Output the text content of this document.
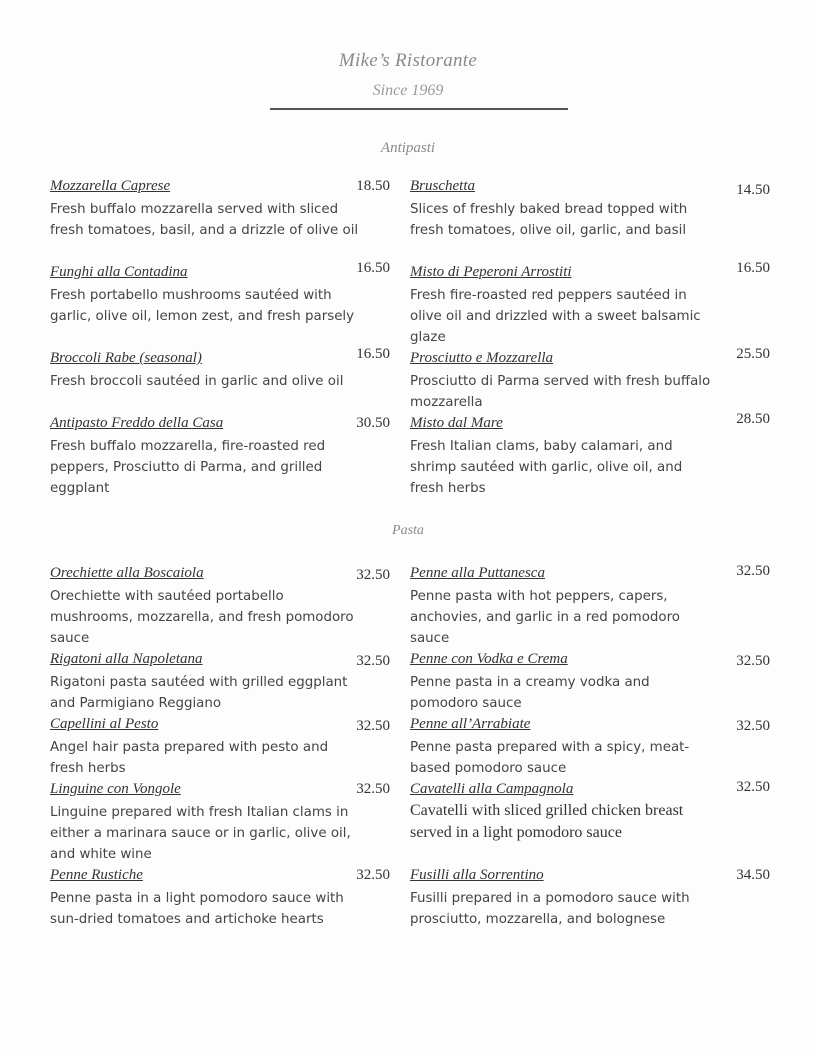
Mike’s Ristorante
Since 1969
Antipasti
Mozzarella Caprese	18.50
Fresh buffalo mozzarella served with sliced fresh tomatoes, basil, and a drizzle of olive oil
Bruschetta	14.50
Slices of freshly baked bread topped with fresh tomatoes, olive oil, garlic, and basil
Funghi alla Contadina	16.50
Fresh portabello mushrooms sautéed with garlic, olive oil, lemon zest, and fresh parsely
Misto di Peperoni Arrostiti	16.50
Fresh fire-roasted red peppers sautéed in olive oil and drizzled with a sweet balsamic glaze
Broccoli Rabe (seasonal)	16.50
Fresh broccoli sautéed in garlic and olive oil
Prosciutto e Mozzarella	25.50
Prosciutto di Parma served with fresh buffalo mozzarella
Antipasto Freddo della Casa	30.50
Fresh buffalo mozzarella, fire-roasted red peppers, Prosciutto di Parma, and grilled eggplant
Misto dal Mare	28.50
Fresh Italian clams, baby calamari, and shrimp sautéed with garlic, olive oil, and fresh herbs
Pasta
Orechiette alla Boscaiola	32.50
Orechiette with sautéed portabello mushrooms, mozzarella, and fresh pomodoro sauce
Penne alla Puttanesca	32.50
Penne pasta with hot peppers, capers, anchovies, and garlic in a red pomodoro sauce
Rigatoni alla Napoletana	32.50
Rigatoni pasta sautéed with grilled eggplant and Parmigiano Reggiano
Penne con Vodka e Crema	32.50
Penne pasta in a creamy vodka and pomodoro sauce
Capellini al Pesto	32.50
Angel hair pasta prepared with pesto and fresh herbs
Penne all’Arrabiate	32.50
Penne pasta prepared with a spicy, meat-based pomodoro sauce
Linguine con Vongole	32.50
Linguine prepared with fresh Italian clams in either a marinara sauce or in garlic, olive oil, and white wine
Cavatelli alla Campagnola	32.50
Cavatelli with sliced grilled chicken breast served in a light pomodoro sauce
Penne Rustiche	32.50
Penne pasta in a light pomodoro sauce with sun-dried tomatoes and artichoke hearts
Fusilli alla Sorrentino	34.50
Fusilli prepared in a pomodoro sauce with prosciutto, mozzarella, and bolognese
